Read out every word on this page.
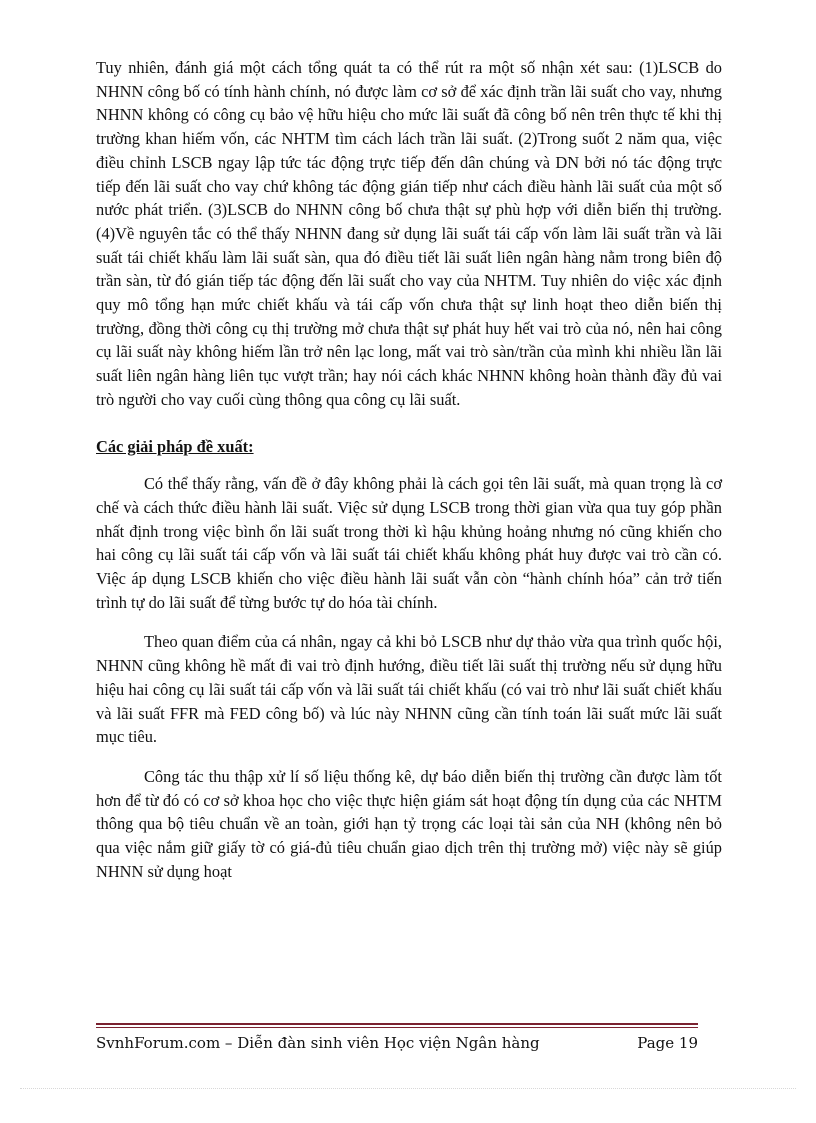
Tuy nhiên, đánh giá một cách tổng quát ta có thể rút ra một số nhận xét sau: (1)LSCB do NHNN công bố có tính hành chính, nó được làm cơ sở để xác định trần lãi suất cho vay, nhưng NHNN không có công cụ bảo vệ hữu hiệu cho mức lãi suất đã công bố nên trên thực tế khi thị trường khan hiếm vốn, các NHTM tìm cách lách trần lãi suất. (2)Trong suốt 2 năm qua, việc điều chỉnh LSCB ngay lập tức tác động trực tiếp đến dân chúng và DN bởi nó tác động trực tiếp đến lãi suất cho vay chứ không tác động gián tiếp như cách điều hành lãi suất của một số nước phát triển. (3)LSCB do NHNN công bố chưa thật sự phù hợp với diễn biến thị trường. (4)Về nguyên tắc có thể thấy NHNN đang sử dụng lãi suất tái cấp vốn làm lãi suất trần và lãi suất tái chiết khấu làm lãi suất sàn, qua đó điều tiết lãi suất liên ngân hàng nằm trong biên độ trần sàn, từ đó gián tiếp tác động đến lãi suất cho vay của NHTM. Tuy nhiên do việc xác định quy mô tổng hạn mức chiết khấu và tái cấp vốn chưa thật sự linh hoạt theo diễn biến thị trường, đồng thời công cụ thị trường mở chưa thật sự phát huy hết vai trò của nó, nên hai công cụ lãi suất này không hiếm lần trở nên lạc long, mất vai trò sàn/trần của mình khi nhiều lần lãi suất liên ngân hàng liên tục vượt trần; hay nói cách khác NHNN không hoàn thành đầy đủ vai trò người cho vay cuối cùng thông qua công cụ lãi suất.

Các giải pháp đề xuất:

Có thể thấy rằng, vấn đề ở đây không phải là cách gọi tên lãi suất, mà quan trọng là cơ chế và cách thức điều hành lãi suất. Việc sử dụng LSCB trong thời gian vừa qua tuy góp phần nhất định trong việc bình ổn lãi suất trong thời kì hậu khủng hoảng nhưng nó cũng khiến cho hai công cụ lãi suất tái cấp vốn và lãi suất tái chiết khấu không phát huy được vai trò cần có. Việc áp dụng LSCB khiến cho việc điều hành lãi suất vẫn còn “hành chính hóa” cản trở tiến trình tự do lãi suất để từng bước tự do hóa tài chính.

Theo quan điểm của cá nhân, ngay cả khi bỏ LSCB như dự thảo vừa qua trình quốc hội, NHNN cũng không hề mất đi vai trò định hướng, điều tiết lãi suất thị trường nếu sử dụng hữu hiệu hai công cụ lãi suất tái cấp vốn và lãi suất tái chiết khấu (có vai trò như lãi suất chiết khấu và lãi suất FFR mà FED công bố) và lúc này NHNN cũng cần tính toán lãi suất mức lãi suất mục tiêu.

Công tác thu thập xử lí số liệu thống kê, dự báo diễn biến thị trường cần được làm tốt hơn để từ đó có cơ sở khoa học cho việc thực hiện giám sát hoạt động tín dụng của các NHTM thông qua bộ tiêu chuẩn về an toàn, giới hạn tỷ trọng các loại tài sản của NH (không nên bỏ qua việc nắm giữ giấy tờ có giá-đủ tiêu chuẩn giao dịch trên thị trường mở) việc này sẽ giúp NHNN sử dụng hoạt

SvnhForum.com – Diễn đàn sinh viên Học viện Ngân hàng	Page 19
